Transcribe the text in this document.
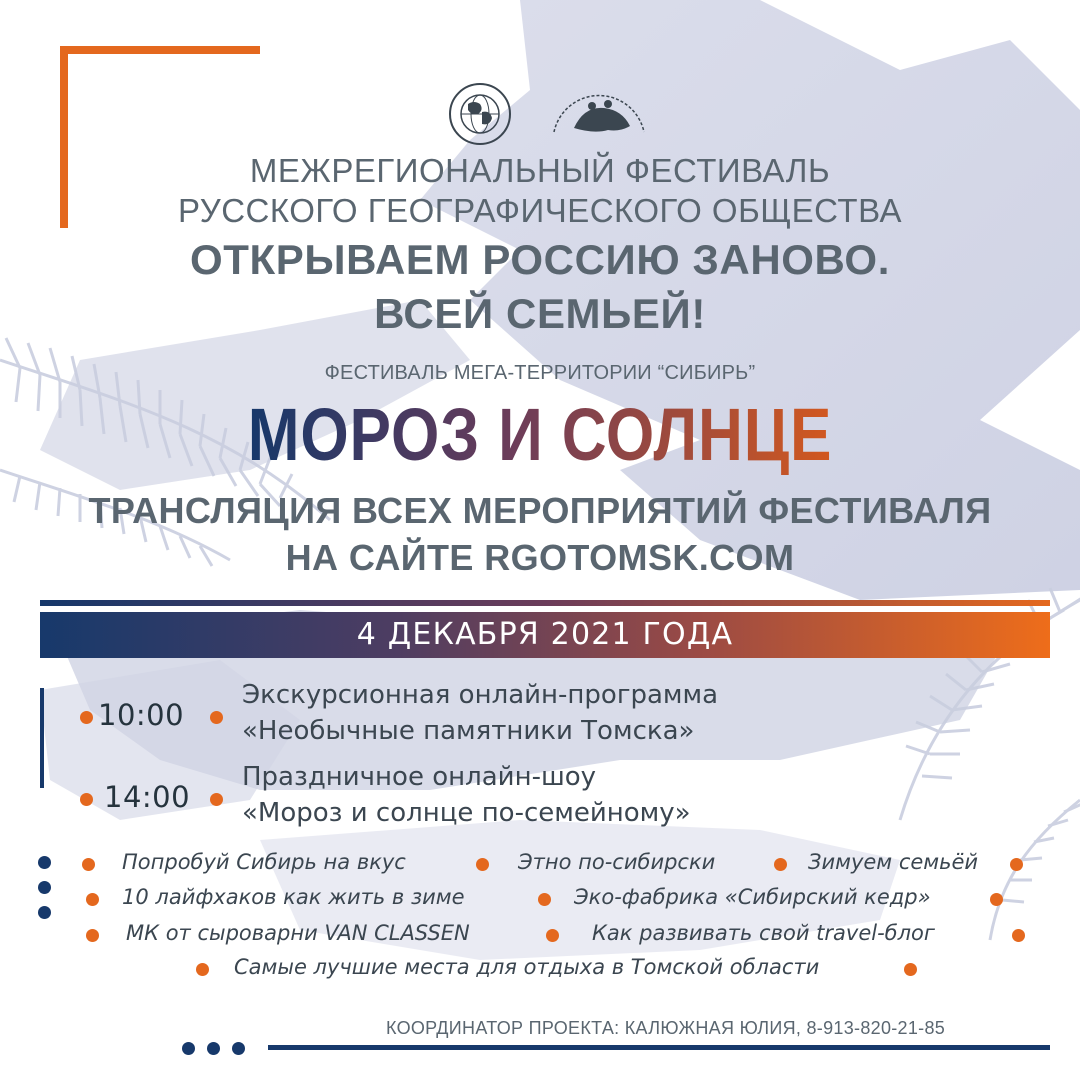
МЕЖРЕГИОНАЛЬНЫЙ ФЕСТИВАЛЬ
РУССКОГО ГЕОГРАФИЧЕСКОГО ОБЩЕСТВА
ОТКРЫВАЕМ РОССИЮ ЗАНОВО.
ВСЕЙ СЕМЬЕЙ!
ФЕСТИВАЛЬ МЕГА-ТЕРРИТОРИИ “СИБИРЬ”
МОРОЗ И СОЛНЦЕ
ТРАНСЛЯЦИЯ ВСЕХ МЕРОПРИЯТИЙ ФЕСТИВАЛЯ
НА САЙТЕ RGOTOMSK.COM
4 ДЕКАБРЯ 2021 ГОДА
10:00
Экскурсионная онлайн-программа
«Необычные памятники Томска»
14:00
Праздничное онлайн-шоу
«Мороз и солнце по-семейному»
Попробуй Сибирь на вкус	Этно по-сибирски	Зимуем семьёй
10 лайфхаков как жить в зиме	Эко-фабрика «Сибирский кедр»
МК от сыроварни VAN CLASSEN	Как развивать свой travel-блог
Самые лучшие места для отдыха в Томской области
КООРДИНАТОР ПРОЕКТА: КАЛЮЖНАЯ ЮЛИЯ, 8-913-820-21-85
